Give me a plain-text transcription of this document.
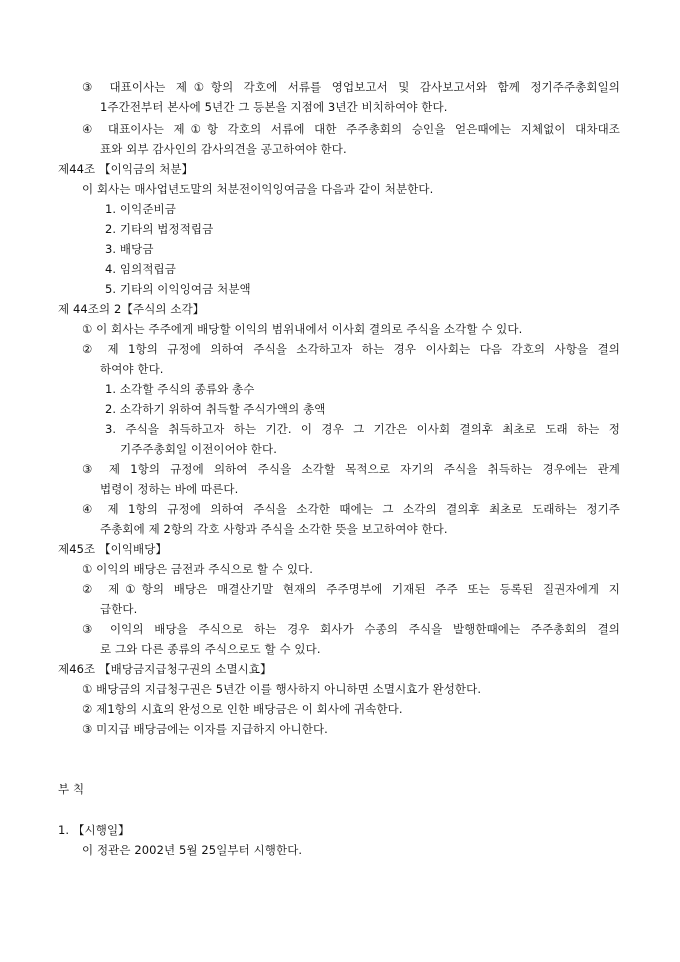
③ 대표이사는 제①항의 각호에 서류를 영업보고서 및 감사보고서와 함께 정기주주총회일의
1주간전부터 본사에 5년간 그 등본을 지점에 3년간 비치하여야 한다.
④ 대표이사는 제①항 각호의 서류에 대한 주주총회의 승인을 얻은때에는 지체없이 대차대조
표와 외부 감사인의 감사의견을 공고하여야 한다.
제44조 【이익금의 처분】
이 회사는 매사업년도말의 처분전이익잉여금을 다음과 같이 처분한다.
1. 이익준비금
2. 기타의 법정적립금
3. 배당금
4. 임의적립금
5. 기타의 이익잉여금 처분액
제 44조의 2【주식의 소각】
① 이 회사는 주주에게 배당할 이익의 범위내에서 이사회 결의로 주식을 소각할 수 있다.
② 제 1항의 규정에 의하여 주식을 소각하고자 하는 경우 이사회는 다음 각호의 사항을 결의
하여야 한다.
1. 소각할 주식의 종류와 총수
2. 소각하기 위하여 취득할 주식가액의 총액
3. 주식을 취득하고자 하는 기간. 이 경우 그 기간은 이사회 결의후 최초로 도래 하는 정
기주주총회일 이전이어야 한다.
③ 제 1항의 규정에 의하여 주식을 소각할 목적으로 자기의 주식을 취득하는 경우에는 관계
법령이 정하는 바에 따른다.
④ 제 1항의 규정에 의하여 주식을 소각한 때에는 그 소각의 결의후 최초로 도래하는 정기주
주총회에 제 2항의 각호 사항과 주식을 소각한 뜻을 보고하여야 한다.
제45조 【이익배당】
① 이익의 배당은 금전과 주식으로 할 수 있다.
② 제①항의 배당은 매결산기말 현재의 주주명부에 기재된 주주 또는 등록된 질권자에게 지
급한다.
③ 이익의 배당을 주식으로 하는 경우 회사가 수종의 주식을 발행한때에는 주주총회의 결의
로 그와 다른 종류의 주식으로도 할 수 있다.
제46조 【배당금지급청구권의 소멸시효】
① 배당금의 지급청구권은 5년간 이를 행사하지 아니하면 소멸시효가 완성한다.
② 제1항의 시효의 완성으로 인한 배당금은 이 회사에 귀속한다.
③ 미지급 배당금에는 이자를 지급하지 아니한다.
부 칙
1. 【시행일】
이 정관은 2002년 5월 25일부터 시행한다.
